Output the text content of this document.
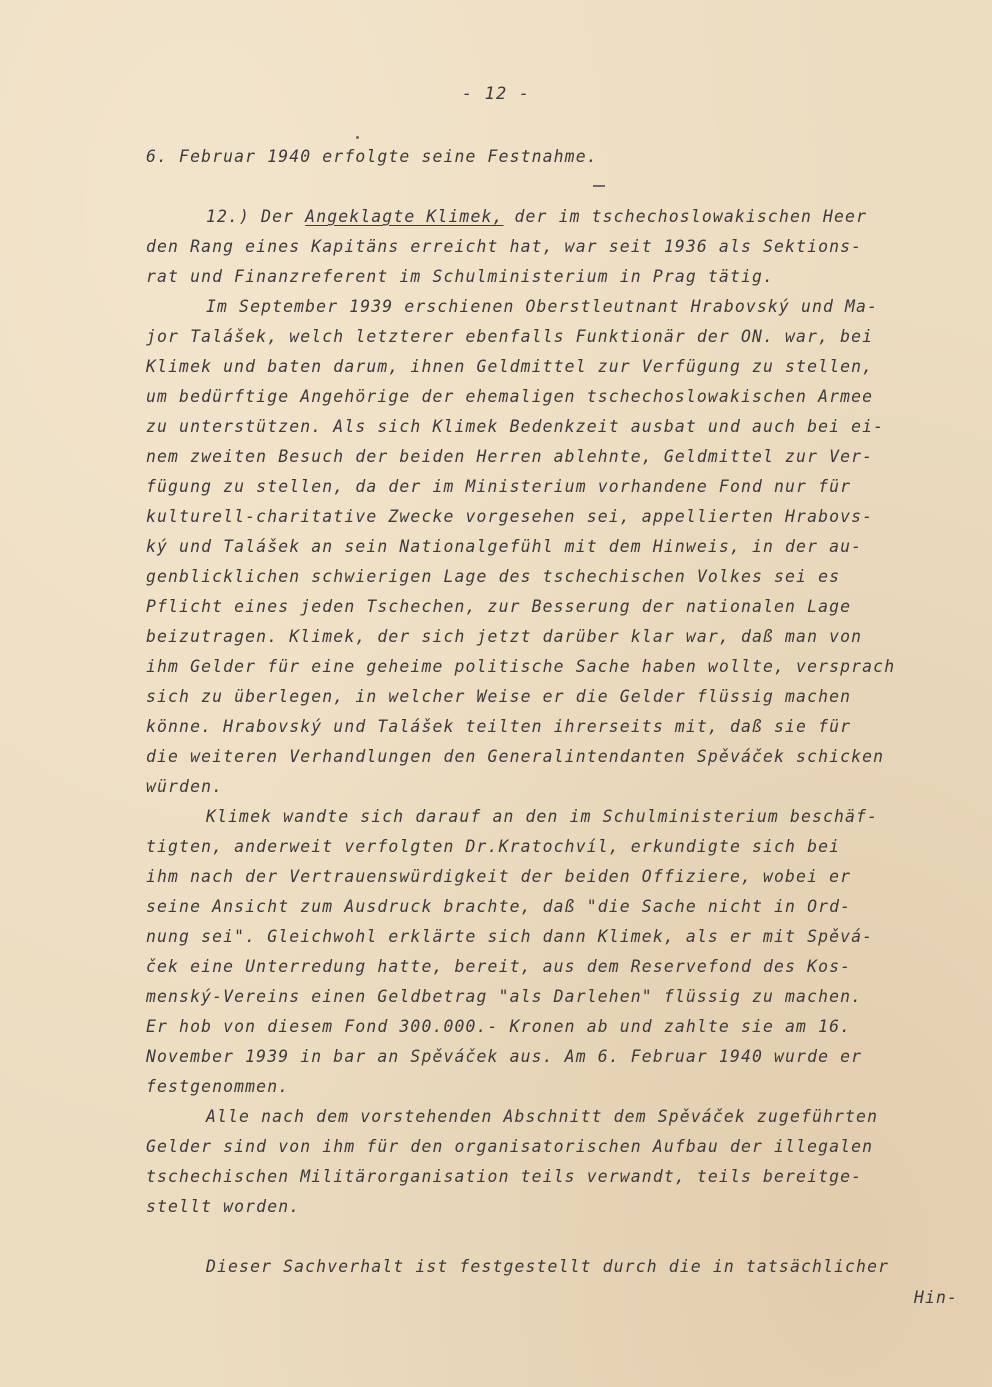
- 12 -
6. Februar 1940 erfolgte seine Festnahme.
12.) Der Angeklagte Klimek, der im tschechoslowakischen Heer
den Rang eines Kapitäns erreicht hat, war seit 1936 als Sektions-
rat und Finanzreferent im Schulministerium in Prag tätig.
Im September 1939 erschienen Oberstleutnant Hrabovský und Ma-
jor Talášek, welch letzterer ebenfalls Funktionär der ON. war, bei
Klimek und baten darum, ihnen Geldmittel zur Verfügung zu stellen,
um bedürftige Angehörige der ehemaligen tschechoslowakischen Armee
zu unterstützen. Als sich Klimek Bedenkzeit ausbat und auch bei ei-
nem zweiten Besuch der beiden Herren ablehnte, Geldmittel zur Ver-
fügung zu stellen, da der im Ministerium vorhandene Fond nur für
kulturell-charitative Zwecke vorgesehen sei, appellierten Hrabovs-
ký und Talášek an sein Nationalgefühl mit dem Hinweis, in der au-
genblicklichen schwierigen Lage des tschechischen Volkes sei es
Pflicht eines jeden Tschechen, zur Besserung der nationalen Lage
beizutragen. Klimek, der sich jetzt darüber klar war, daß man von
ihm Gelder für eine geheime politische Sache haben wollte, versprach
sich zu überlegen, in welcher Weise er die Gelder flüssig machen
könne. Hrabovský und Talášek teilten ihrerseits mit, daß sie für
die weiteren Verhandlungen den Generalintendanten Spěváček schicken
würden.
Klimek wandte sich darauf an den im Schulministerium beschäf-
tigten, anderweit verfolgten Dr.Kratochvíl, erkundigte sich bei
ihm nach der Vertrauenswürdigkeit der beiden Offiziere, wobei er
seine Ansicht zum Ausdruck brachte, daß "die Sache nicht in Ord-
nung sei". Gleichwohl erklärte sich dann Klimek, als er mit Spěvá-
ček eine Unterredung hatte, bereit, aus dem Reservefond des Kos-
menský-Vereins einen Geldbetrag "als Darlehen" flüssig zu machen.
Er hob von diesem Fond 300.000.- Kronen ab und zahlte sie am 16.
November 1939 in bar an Spěváček aus. Am 6. Februar 1940 wurde er
festgenommen.
Alle nach dem vorstehenden Abschnitt dem Spěváček zugeführten
Gelder sind von ihm für den organisatorischen Aufbau der illegalen
tschechischen Militärorganisation teils verwandt, teils bereitge-
stellt worden.
Dieser Sachverhalt ist festgestellt durch die in tatsächlicher
Hin-
